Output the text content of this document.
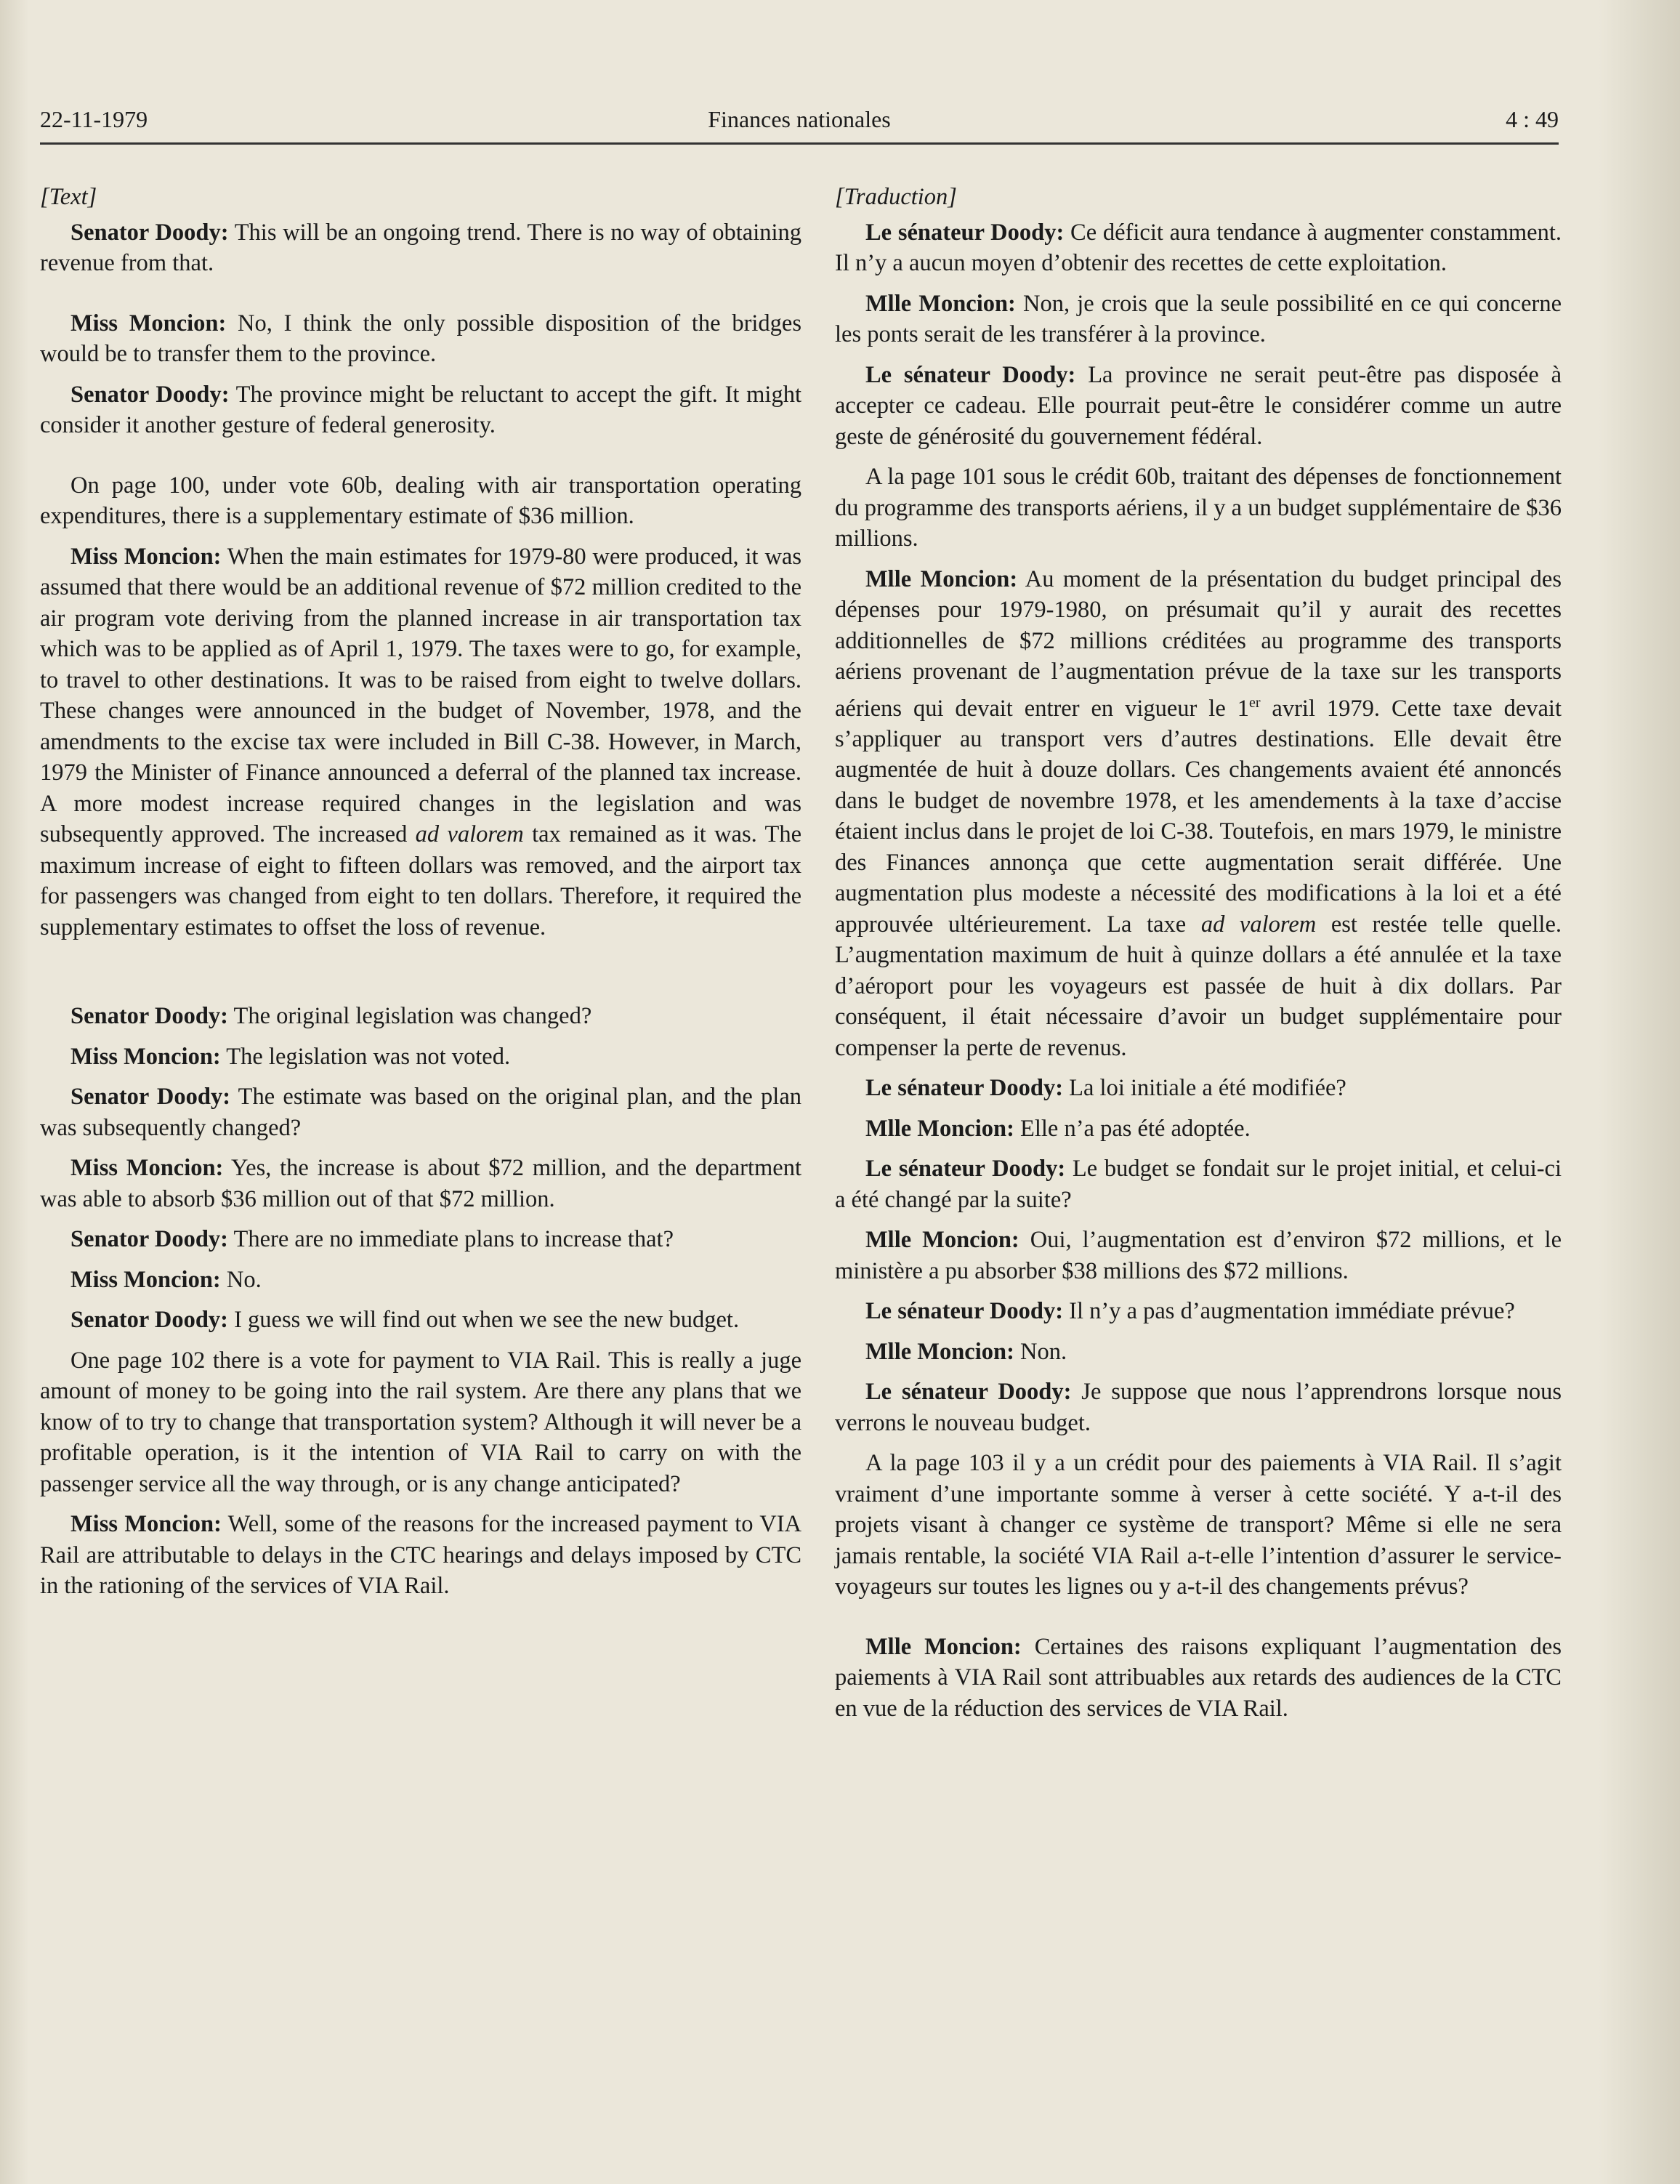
22-11-1979	Finances nationales	4 : 49

[Text]

Senator Doody: This will be an ongoing trend. There is no way of obtaining revenue from that.

Miss Moncion: No, I think the only possible disposition of the bridges would be to transfer them to the province.

Senator Doody: The province might be reluctant to accept the gift. It might consider it another gesture of federal generosity.

On page 100, under vote 60b, dealing with air transportation operating expenditures, there is a supplementary estimate of $36 million.

Miss Moncion: When the main estimates for 1979-80 were produced, it was assumed that there would be an additional revenue of $72 million credited to the air program vote deriving from the planned increase in air transportation tax which was to be applied as of April 1, 1979. The taxes were to go, for example, to travel to other destinations. It was to be raised from eight to twelve dollars. These changes were announced in the budget of November, 1978, and the amendments to the excise tax were included in Bill C-38. However, in March, 1979 the Minister of Finance announced a deferral of the planned tax increase. A more modest increase required changes in the legislation and was subsequently approved. The increased ad valorem tax remained as it was. The maximum increase of eight to fifteen dollars was removed, and the airport tax for passengers was changed from eight to ten dollars. Therefore, it required the supplementary estimates to offset the loss of revenue.

Senator Doody: The original legislation was changed?

Miss Moncion: The legislation was not voted.

Senator Doody: The estimate was based on the original plan, and the plan was subsequently changed?

Miss Moncion: Yes, the increase is about $72 million, and the department was able to absorb $36 million out of that $72 million.

Senator Doody: There are no immediate plans to increase that?

Miss Moncion: No.

Senator Doody: I guess we will find out when we see the new budget.

One page 102 there is a vote for payment to VIA Rail. This is really a juge amount of money to be going into the rail system. Are there any plans that we know of to try to change that transportation system? Although it will never be a profitable operation, is it the intention of VIA Rail to carry on with the passenger service all the way through, or is any change anticipated?

Miss Moncion: Well, some of the reasons for the increased payment to VIA Rail are attributable to delays in the CTC hearings and delays imposed by CTC in the rationing of the services of VIA Rail.

[Traduction]

Le sénateur Doody: Ce déficit aura tendance à augmenter constamment. Il n’y a aucun moyen d’obtenir des recettes de cette exploitation.

Mlle Moncion: Non, je crois que la seule possibilité en ce qui concerne les ponts serait de les transférer à la province.

Le sénateur Doody: La province ne serait peut-être pas disposée à accepter ce cadeau. Elle pourrait peut-être le considérer comme un autre geste de générosité du gouvernement fédéral.

A la page 101 sous le crédit 60b, traitant des dépenses de fonctionnement du programme des transports aériens, il y a un budget supplémentaire de $36 millions.

Mlle Moncion: Au moment de la présentation du budget principal des dépenses pour 1979-1980, on présumait qu’il y aurait des recettes additionnelles de $72 millions créditées au programme des transports aériens provenant de l’augmentation prévue de la taxe sur les transports aériens qui devait entrer en vigueur le 1er avril 1979. Cette taxe devait s’appliquer au transport vers d’autres destinations. Elle devait être augmentée de huit à douze dollars. Ces changements avaient été annoncés dans le budget de novembre 1978, et les amendements à la taxe d’accise étaient inclus dans le projet de loi C-38. Toutefois, en mars 1979, le ministre des Finances annonça que cette augmentation serait différée. Une augmentation plus modeste a nécessité des modifications à la loi et a été approuvée ultérieurement. La taxe ad valorem est restée telle quelle. L’augmentation maximum de huit à quinze dollars a été annulée et la taxe d’aéroport pour les voyageurs est passée de huit à dix dollars. Par conséquent, il était nécessaire d’avoir un budget supplémentaire pour compenser la perte de revenus.

Le sénateur Doody: La loi initiale a été modifiée?

Mlle Moncion: Elle n’a pas été adoptée.

Le sénateur Doody: Le budget se fondait sur le projet initial, et celui-ci a été changé par la suite?

Mlle Moncion: Oui, l’augmentation est d’environ $72 millions, et le ministère a pu absorber $38 millions des $72 millions.

Le sénateur Doody: Il n’y a pas d’augmentation immédiate prévue?

Mlle Moncion: Non.

Le sénateur Doody: Je suppose que nous l’apprendrons lorsque nous verrons le nouveau budget.

A la page 103 il y a un crédit pour des paiements à VIA Rail. Il s’agit vraiment d’une importante somme à verser à cette société. Y a-t-il des projets visant à changer ce système de transport? Même si elle ne sera jamais rentable, la société VIA Rail a-t-elle l’intention d’assurer le service-voyageurs sur toutes les lignes ou y a-t-il des changements prévus?

Mlle Moncion: Certaines des raisons expliquant l’augmentation des paiements à VIA Rail sont attribuables aux retards des audiences de la CTC en vue de la réduction des services de VIA Rail.
